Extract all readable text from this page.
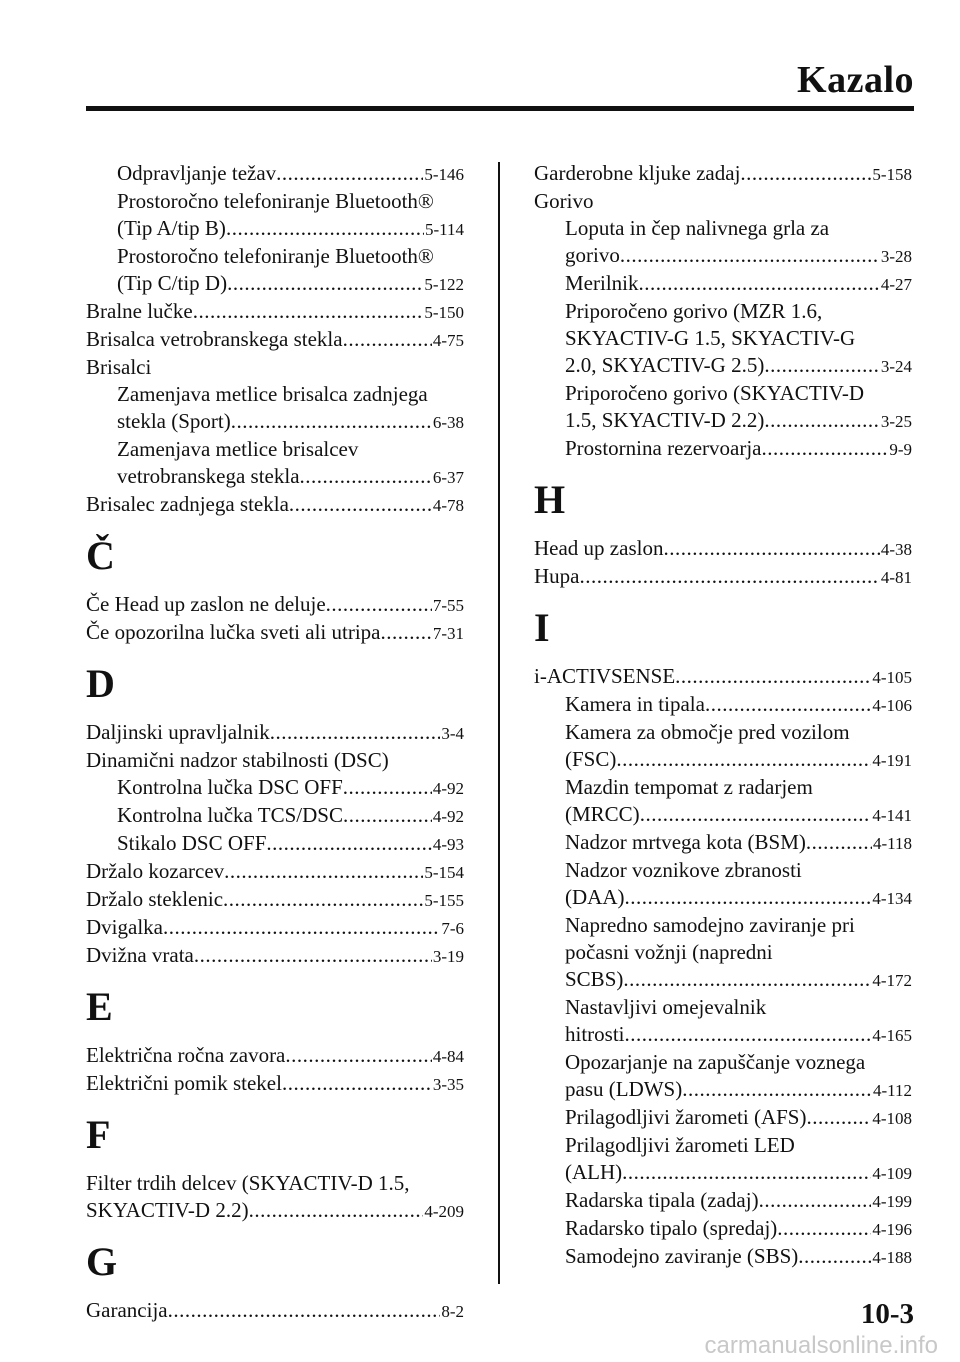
Kazalo
Odpravljanje težav .....	5-146
Prostoročno telefoniranje Bluetooth®
(Tip A/tip B) .....	5-114
Prostoročno telefoniranje Bluetooth®
(Tip C/tip D) .....	5-122
Bralne lučke .....	5-150
Brisalca vetrobranskega stekla .....	4-75
Brisalci
Zamenjava metlice brisalca zadnjega
stekla (Sport) .....	6-38
Zamenjava metlice brisalcev
vetrobranskega stekla .....	6-37
Brisalec zadnjega stekla .....	4-78
Č
Če Head up zaslon ne deluje .....	7-55
Če opozorilna lučka sveti ali utripa .....	7-31
D
Daljinski upravljalnik .....	3-4
Dinamični nadzor stabilnosti (DSC)
Kontrolna lučka DSC OFF .....	4-92
Kontrolna lučka TCS/DSC .....	4-92
Stikalo DSC OFF .....	4-93
Držalo kozarcev .....	5-154
Držalo steklenic .....	5-155
Dvigalka .....	7-6
Dvižna vrata .....	3-19
E
Električna ročna zavora .....	4-84
Električni pomik stekel .....	3-35
F
Filter trdih delcev (SKYACTIV-D 1.5,
SKYACTIV-D 2.2) .....	4-209
G
Garancija .....	8-2
Garderobne kljuke zadaj .....	5-158
Gorivo
Loputa in čep nalivnega grla za
gorivo .....	3-28
Merilnik .....	4-27
Priporočeno gorivo (MZR 1.6,
SKYACTIV-G 1.5, SKYACTIV-G
2.0, SKYACTIV-G 2.5) .....	3-24
Priporočeno gorivo (SKYACTIV-D
1.5, SKYACTIV-D 2.2) .....	3-25
Prostornina rezervoarja .....	9-9
H
Head up zaslon .....	4-38
Hupa .....	4-81
I
i-ACTIVSENSE .....	4-105
Kamera in tipala .....	4-106
Kamera za območje pred vozilom
(FSC) .....	4-191
Mazdin tempomat z radarjem
(MRCC) .....	4-141
Nadzor mrtvega kota (BSM) .....	4-118
Nadzor voznikove zbranosti
(DAA) .....	4-134
Napredno samodejno zaviranje pri
počasni vožnji (napredni
SCBS) .....	4-172
Nastavljivi omejevalnik
hitrosti .....	4-165
Opozarjanje na zapuščanje voznega
pasu (LDWS) .....	4-112
Prilagodljivi žarometi (AFS) .....	4-108
Prilagodljivi žarometi LED
(ALH) .....	4-109
Radarska tipala (zadaj) .....	4-199
Radarsko tipalo (spredaj) .....	4-196
Samodejno zaviranje (SBS) .....	4-188
10-3
carmanualsonline.info
